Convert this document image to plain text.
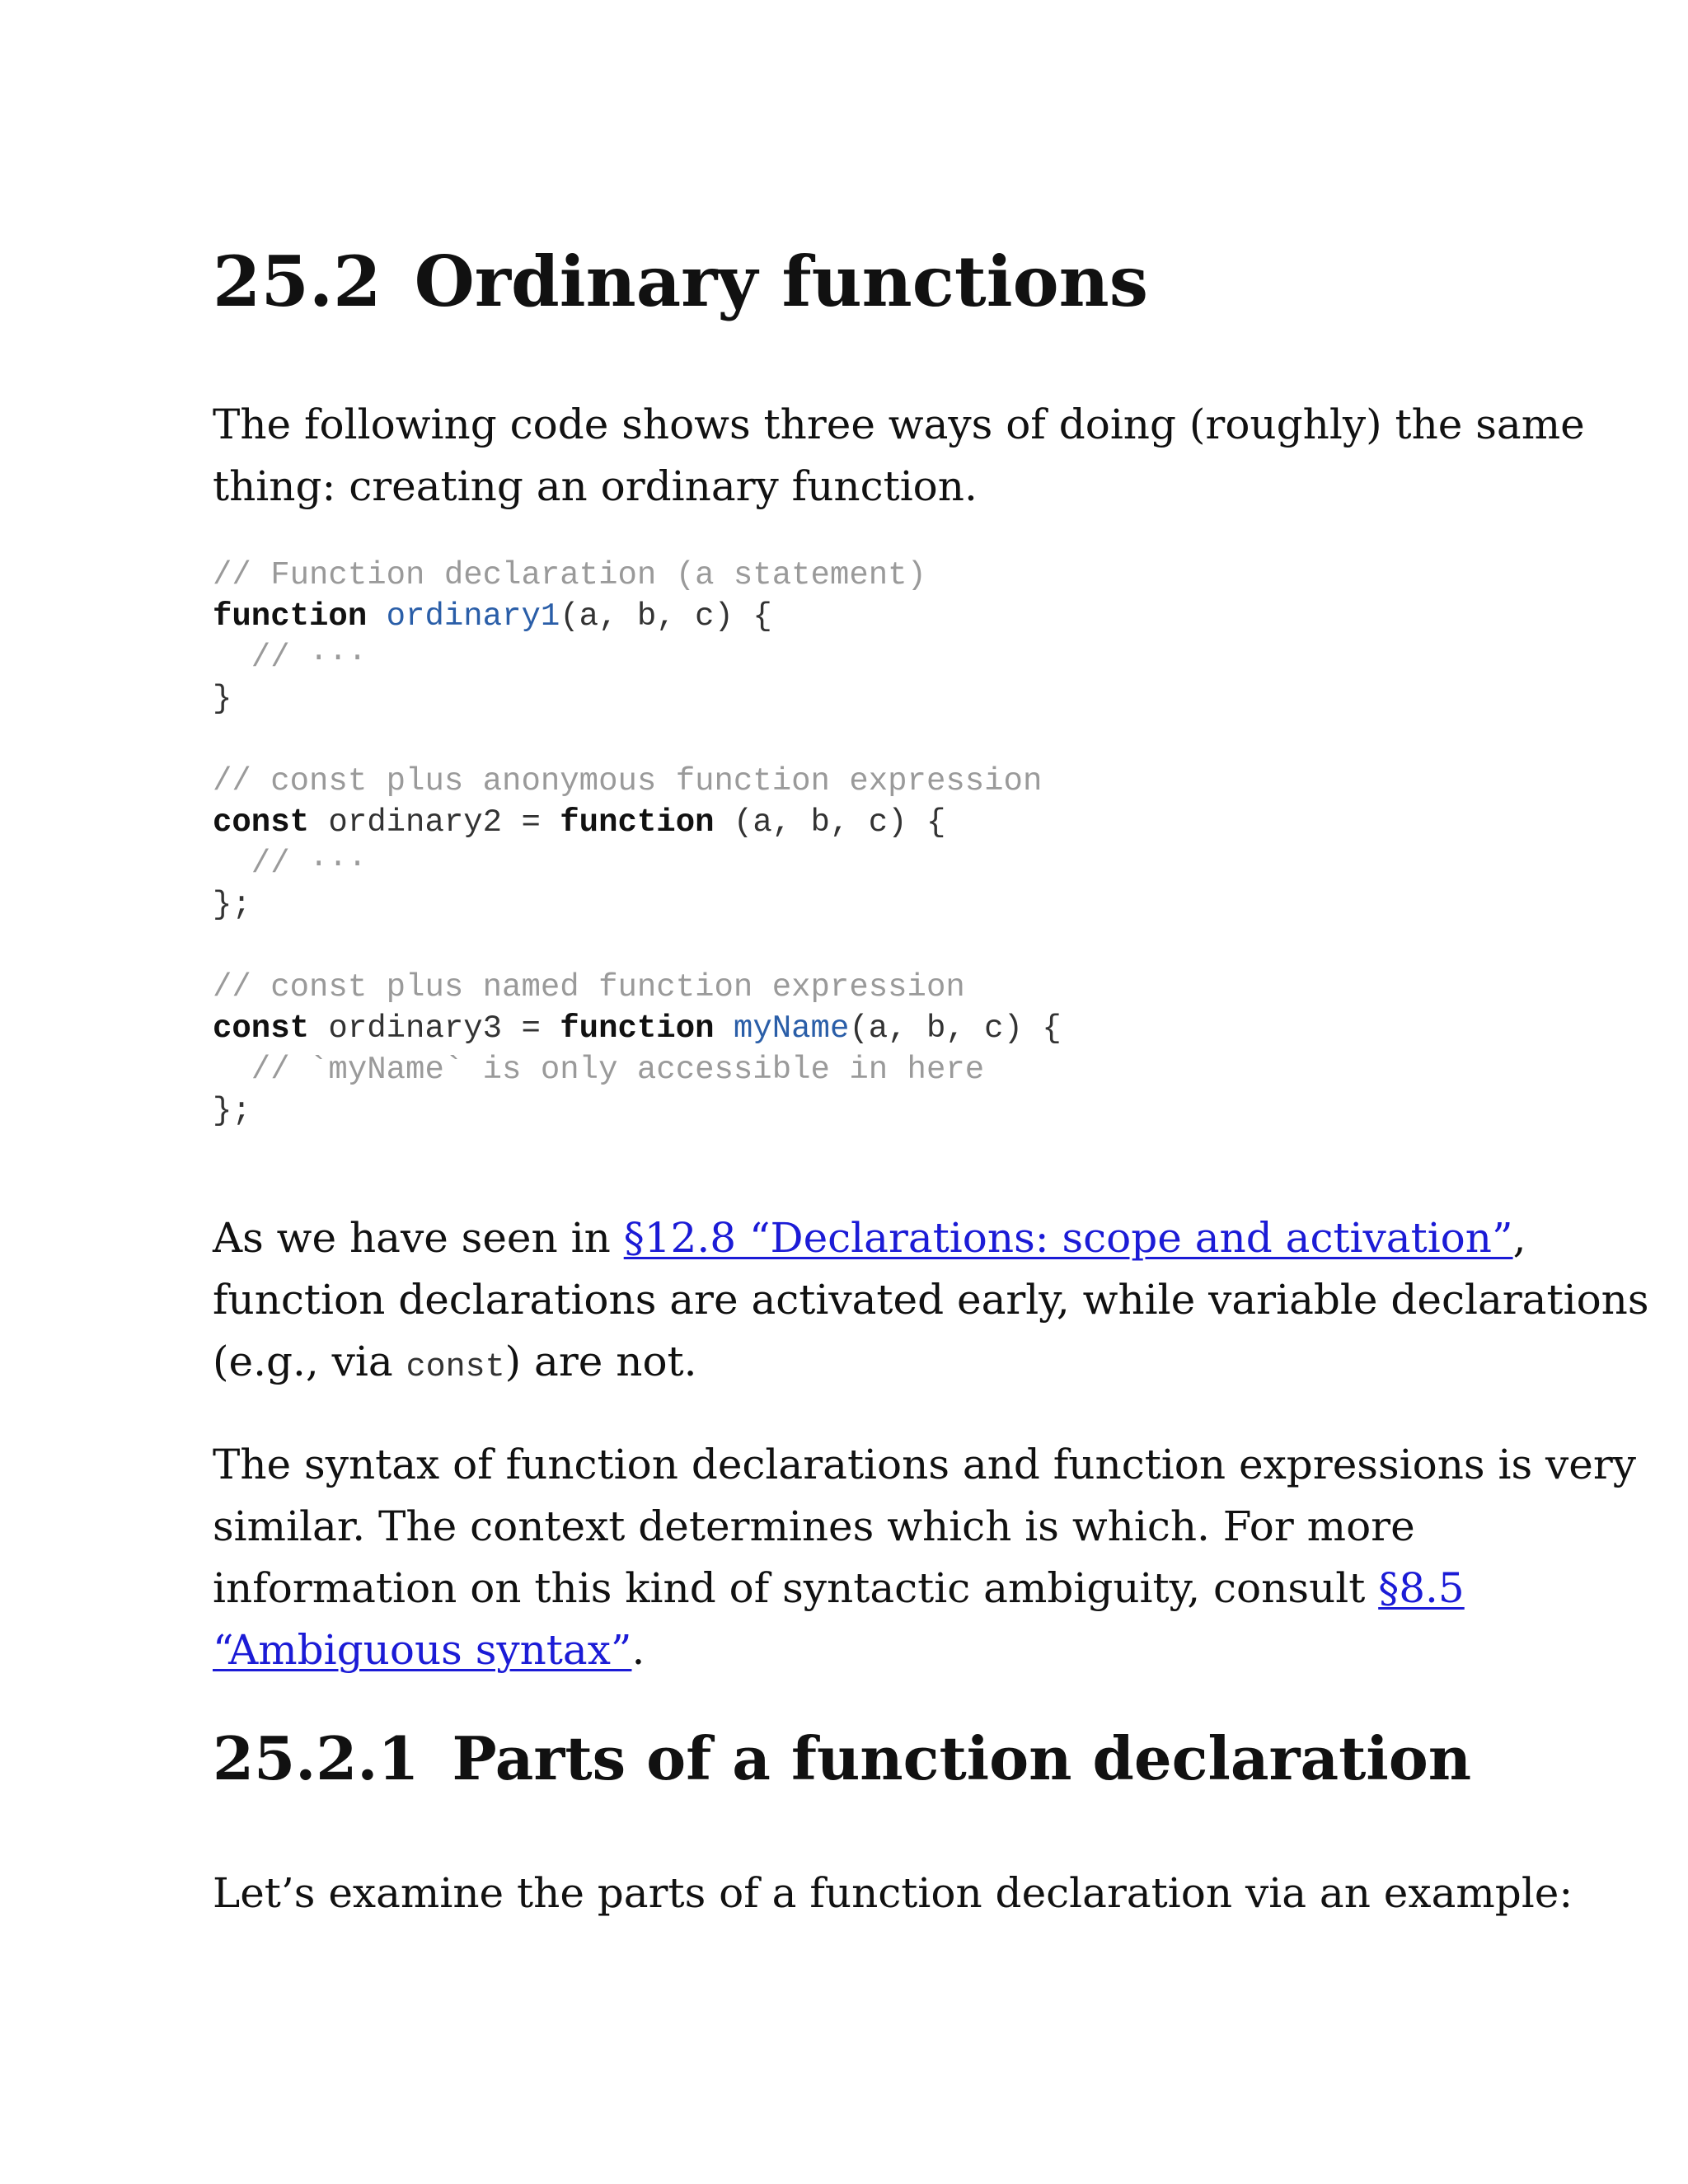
25.2 Ordinary functions

The following code shows three ways of doing (roughly) the same
thing: creating an ordinary function.

// Function declaration (a statement)
function ordinary1(a, b, c) {
// ···
}

// const plus anonymous function expression
const ordinary2 = function (a, b, c) {
// ···
};

// const plus named function expression
const ordinary3 = function myName(a, b, c) {
// `myName` is only accessible in here
};

As we have seen in §12.8 “Declarations: scope and activation”,
function declarations are activated early, while variable declarations
(e.g., via const) are not.

The syntax of function declarations and function expressions is very
similar. The context determines which is which. For more
information on this kind of syntactic ambiguity, consult §8.5
“Ambiguous syntax”.

25.2.1 Parts of a function declaration

Let’s examine the parts of a function declaration via an example:
